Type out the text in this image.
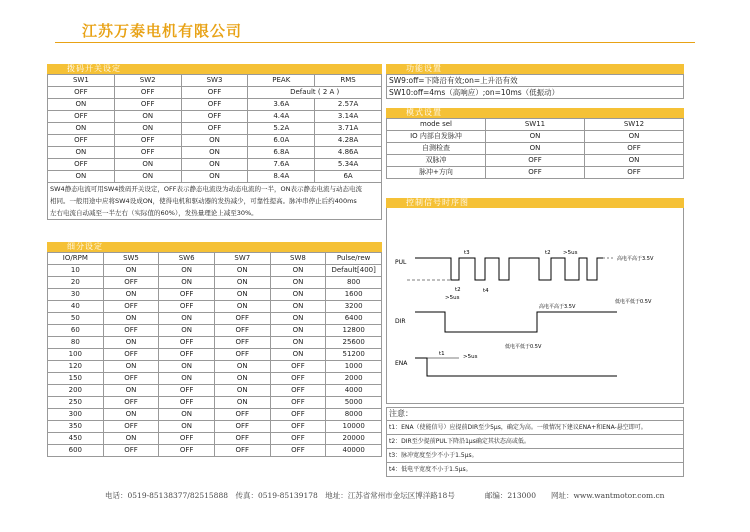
江苏万泰电机有限公司
拨码开关设定
SW1	SW2	SW3	PEAK	RMS
OFF	OFF	OFF	Default ( 2 A )	
ON	OFF	OFF	3.6A	2.57A
OFF	ON	OFF	4.4A	3.14A
ON	ON	OFF	5.2A	3.71A
OFF	OFF	ON	6.0A	4.28A
ON	OFF	ON	6.8A	4.86A
OFF	ON	ON	7.6A	5.34A
ON	ON	ON	8.4A	6A
SW4静态电流可用SW4拨码开关设定，OFF表示静态电流设为动态电流的一半，ON表示静态电流与动态电流
相同。一般用途中应将SW4设成ON，使得电机和驱动器的发热减少，可靠性提高。脉冲串停止后约400ms
左右电流自动减至一半左右（实际值的60%），发热量理论上减至30%。
细分设定
IO/RPM	SW5	SW6	SW7	SW8	Pulse/rew
10	ON	ON	ON	ON	Default[400]
20	OFF	ON	ON	ON	800
30	ON	OFF	ON	ON	1600
40	OFF	OFF	ON	ON	3200
50	ON	ON	OFF	ON	6400
60	OFF	ON	OFF	ON	12800
80	ON	OFF	OFF	ON	25600
100	OFF	OFF	OFF	ON	51200
120	ON	ON	ON	OFF	1000
150	OFF	ON	ON	OFF	2000
200	ON	OFF	ON	OFF	4000
250	OFF	OFF	ON	OFF	5000
300	ON	ON	OFF	OFF	8000
350	OFF	ON	OFF	OFF	10000
450	ON	OFF	OFF	OFF	20000
600	OFF	OFF	OFF	OFF	40000
功能设置
SW9:off=下降沿有效;on=上升沿有效
SW10:off=4ms（高响应）;on=10ms（低振动）
模式设置
mode sel	SW11	SW12
IO 内部自发脉冲	ON	ON
自测检查	ON	OFF
双脉冲	OFF	ON
脉冲+方向	OFF	OFF
控制信号时序图
PUL
t3	t2 >5us
t2
>5us
t4
高电平高于3.5V
低电平低于0.5V
DIR
高电平高于3.5V
低电平低于0.5V
ENA
t1	>5us
注意：
t1：ENA（使能信号）应提前DIR至少5μs，确定为高。一般情况下建议ENA+和ENA-悬空即可。
t2：DIR至少提前PUL下降沿1μs确定其状态高或低。
t3：脉冲宽度至少不小于1.5μs。
t4：低电平宽度不小于1.5μs。
电话：0519-85138377/82515888　传真：0519-85139178　地址：江苏省常州市金坛区博洋路18号　　　　邮编：213000　　网址：www.wantmotor.com.cn
